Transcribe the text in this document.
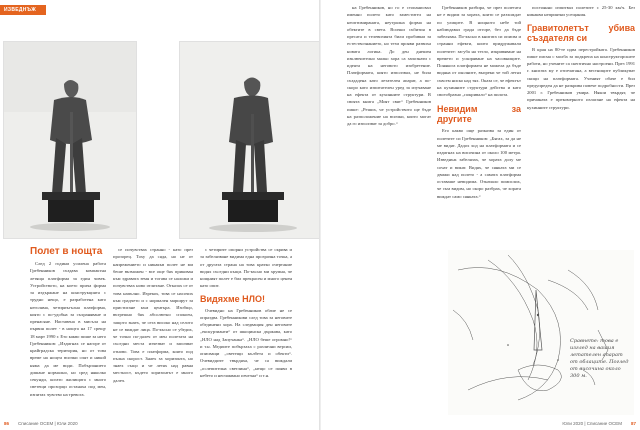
ИЗВЕДНЪЖ
Полет в нощта

След 2 години усилена работа Гребенников създава компактна летяща платформа за един човек. Устройството, на което прича форма за издържане на конструкцията с трудно нещо, е разработена като неголяма, четириъгълна платформа, която с по-удобна за съхраняване и пренасяне. Наставена в мисъла на първия полет - в нощта на 17 срещу 18 март 1990 г. Ето какво пише за него Гребенников: „Издигнах се нагоре от крайградска територия, но от това време на нощта всички спят и никой няма да ме види. Побързанието дишане нормално, но сред няколко секунди, когато жилищата с много светещи прозорци останаха под мен, изпитах чувство на тревога.

се почувствах странно - като през прозорец. Тоху да сяда, но не от напрежението и никакъв полет не ми беше възможен - все още бях прикован към здравата земя и тогава се наложи и почувствах ново отлитане. Отказах се от това напълно. Изрекох, това се насочих към градчето и с нормален маршрут за пристигане към центъра. Изобщо, вътрешно бях абсолютно спокоен, защото знаех, че сега високо над селото не се виждат лица. По-късно се убедих, че точно по-далеч от мен полетата на съседни места изчезват и започват отново. Това е платформа, която под пълна скорост. Знаех за хоризонта, но знаех също и че летях над равна местност, където хоризонтът е много далеч.

с четирите опорни устройства се скрива и за забелязване видима една прозрачна точка, а от другата страна на това кратко очертание видях съседни къщи. По-късно ми хрумна, че нощният полет е бил прекрасен и много ценен като опит.

Видяхме НЛО!

Очевидно на Гребенников обаче не се опраздва. Гребенникови след това за неговите обединени хора. На следващия ден неговите „екскурзианти“ от шкоцинска държава, като „НЛО над Запучанка“. „НЛО беше огромно!“ и т.н. Медиите побързаха с различни версии, описващи „светещи кълбета и обекти“. Очевидците твърдяха, че са виждали „ослепителна светлина“, „нещо се появи в небето и неочаквано изчезна“ и т.н.

86 Списание ОСЕМ | Юли 2020

на Гребенников, но го е стопанисвал именно полето като заместител на неоптимираната, неутрална форма на обектите в света. Всички събития в пресата и телевизията били пробивни за естествознанието, но тези прояви развиха новата логика. До ден днешен изключително малко хора са запознати с идеята на неговото изобретение. Платформата, която използвал, не била създадена като летателен апарат, а по-скоро като изпитателен уред за изучаване на ефекта от кухинните структури. В своята книга „Моят свят“ Гребенников пише: „Реших, че устройството ще бъде на разположение на всички, които могат да го използват за добро.“

Гребенников разбира, че през полетата не е видим за хората, които се разхождат по улиците. В нощното небе той наблюдавал града отгоре, без да бъде забелязан. По-късно в книгата си описва и странни ефекти, които придружавали полетите: загуба на тегло, изкривяване на времето и ускоряване на часовниците. Понякога платформата не можела да бъде видяна от околните, въпреки че той летял съвсем ниско над тях. Оказа се, че ефектът на кухинните структури действа и като своеобразно „покривало“ на пилота.

Невидим за другите

Ето какво още разказва за един от полетите си Гребенников: „Бягах, за да не ме видят. Дадох ход на платформата и се издигнах на височина от около 100 метра. Изведнъж забелязах, че хората долу ме сочат и викат. Видях, че сянката ми се движи над полето - а самата платформа оставаше невидима. Отначало помислих, че съм видим, но скоро разбрах, че хората виждат само сянката.“

постоянно изпитвал полетите с 25-30 км/ч. Без никакви неприятни усещания.

Гравитолетът убива създателя си

В края на 80-те идва перестройката. Гребенников пише писма с молба за подкрепа на конструкторските работи, но учените са скептично настроени. През 1991 г. книгата му е отпечатана, а вестниците публикуват скици на платформата. Ученият обаче е бил предупреден да не разкрива повече подробности. През 2001 г. Гребенников умира. Някои твърдят, че причината е прекомерното излагане на ефекта на кухинните структури.

Юли 2020 | Списание ОСЕМ 87
Сравнете: това е изглед на вашия летателен апарат от облаците. Поглед от височина около 300 м.
